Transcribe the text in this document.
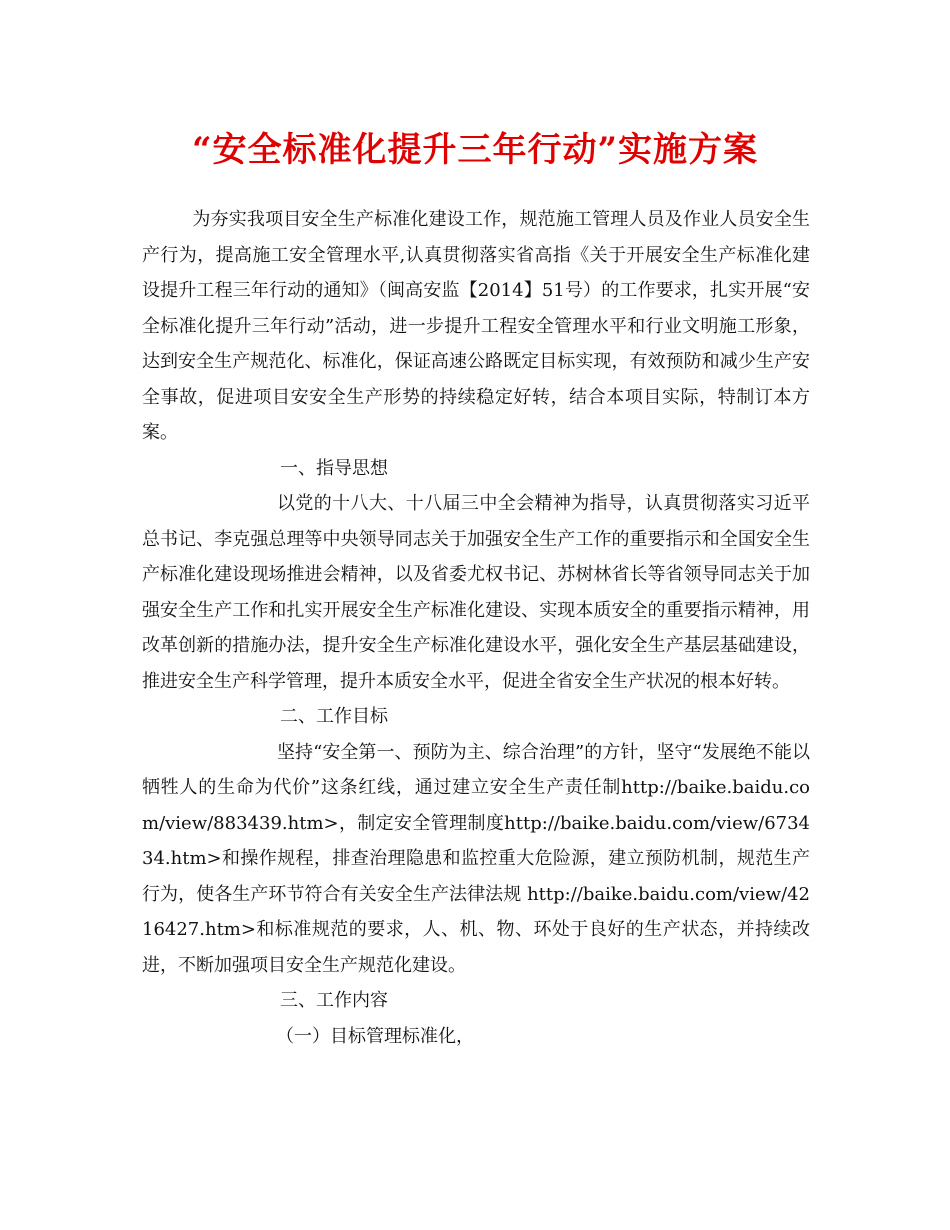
“安全标准化提升三年行动”实施方案

为夯实我项目安全生产标准化建设工作，规范施工管理人员及作业人员安全生产行为，提高施工安全管理水平,认真贯彻落实省高指《关于开展安全生产标准化建设提升工程三年行动的通知》（闽高安监【2014】51号）的工作要求，扎实开展“安全标准化提升三年行动”活动，进一步提升工程安全管理水平和行业文明施工形象，达到安全生产规范化、标准化，保证高速公路既定目标实现，有效预防和减少生产安全事故，促进项目安安全生产形势的持续稳定好转，结合本项目实际，特制订本方案。

一、指导思想

以党的十八大、十八届三中全会精神为指导，认真贯彻落实习近平总书记、李克强总理等中央领导同志关于加强安全生产工作的重要指示和全国安全生产标准化建设现场推进会精神，以及省委尤权书记、苏树林省长等省领导同志关于加强安全生产工作和扎实开展安全生产标准化建设、实现本质安全的重要指示精神，用改革创新的措施办法，提升安全生产标准化建设水平，强化安全生产基层基础建设，推进安全生产科学管理，提升本质安全水平，促进全省安全生产状况的根本好转。

二、工作目标

坚持“安全第一、预防为主、综合治理”的方针，坚守“发展绝不能以牺牲人的生命为代价”这条红线，通过建立安全生产责任制http://baike.baidu.com/view/883439.htm>，制定安全管理制度http://baike.baidu.com/view/673434.htm>和操作规程，排查治理隐患和监控重大危险源，建立预防机制，规范生产行为，使各生产环节符合有关安全生产法律法规 http://baike.baidu.com/view/4216427.htm>和标准规范的要求，人、机、物、环处于良好的生产状态，并持续改进，不断加强项目安全生产规范化建设。

三、工作内容

（一）目标管理标准化，
